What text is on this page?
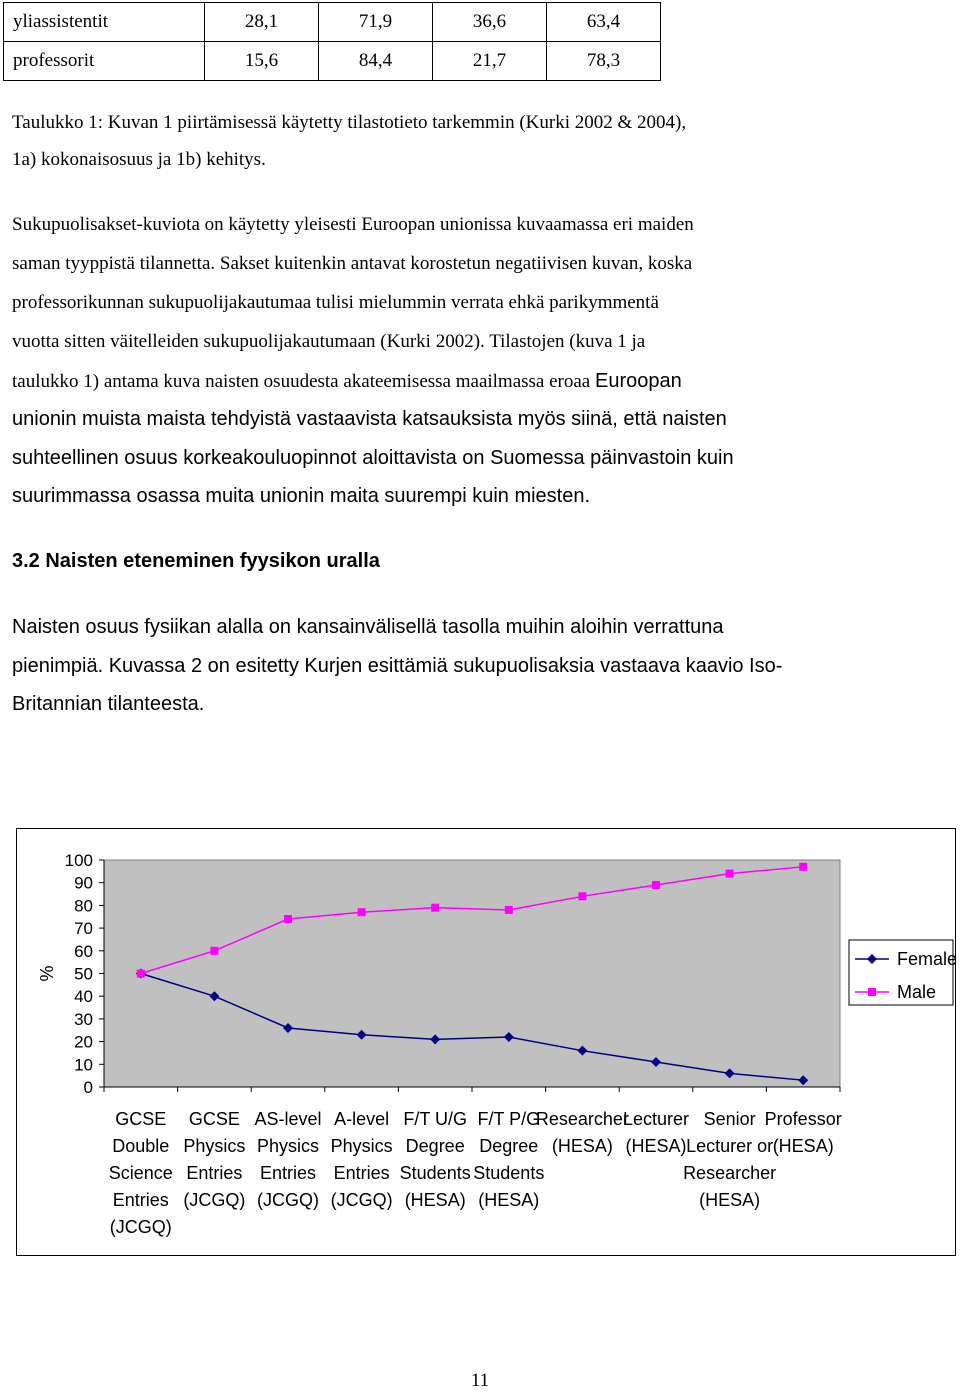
yliassistentit	28,1	71,9	36,6	63,4
professorit	15,6	84,4	21,7	78,3

Taulukko 1: Kuvan 1 piirtämisessä käytetty tilastotieto tarkemmin (Kurki 2002 & 2004),

1a) kokonaisosuus ja 1b) kehitys.

Sukupuolisakset-kuviota on käytetty yleisesti Euroopan unionissa kuvaamassa eri maiden

saman tyyppistä tilannetta. Sakset kuitenkin antavat korostetun negatiivisen kuvan, koska

professorikunnan sukupuolijakautumaa tulisi mielummin verrata ehkä parikymmentä

vuotta sitten väitelleiden sukupuolijakautumaan (Kurki 2002). Tilastojen (kuva 1 ja

taulukko 1) antama kuva naisten osuudesta akateemisessa maailmassa eroaa Euroopan

unionin muista maista tehdyistä vastaavista katsauksista myös siinä, että naisten

suhteellinen osuus korkeakouluopinnot aloittavista on Suomessa päinvastoin kuin

suurimmassa osassa muita unionin maita suurempi kuin miesten.

3.2 Naisten eteneminen fyysikon uralla

Naisten osuus fysiikan alalla on kansainvälisellä tasolla muihin aloihin verrattuna

pienimpiä. Kuvassa 2 on esitetty Kurjen esittämiä sukupuolisaksia vastaava kaavio Iso-

Britannian tilanteesta.

0
10
20
30
40
50
60
70
80
90
100
%
GCSE
Double
Science
Entries
(JCGQ)
GCSE
Physics
Entries
(JCGQ)
AS-level
Physics
Entries
(JCGQ)
A-level
Physics
Entries
(JCGQ)
F/T U/G
Degree
Students
(HESA)
F/T P/G
Degree
Students
(HESA)
Researcher
(HESA)
Lecturer
(HESA)
Senior
Lecturer or
Researcher
(HESA)
Professor
(HESA)
Female
Male
11
